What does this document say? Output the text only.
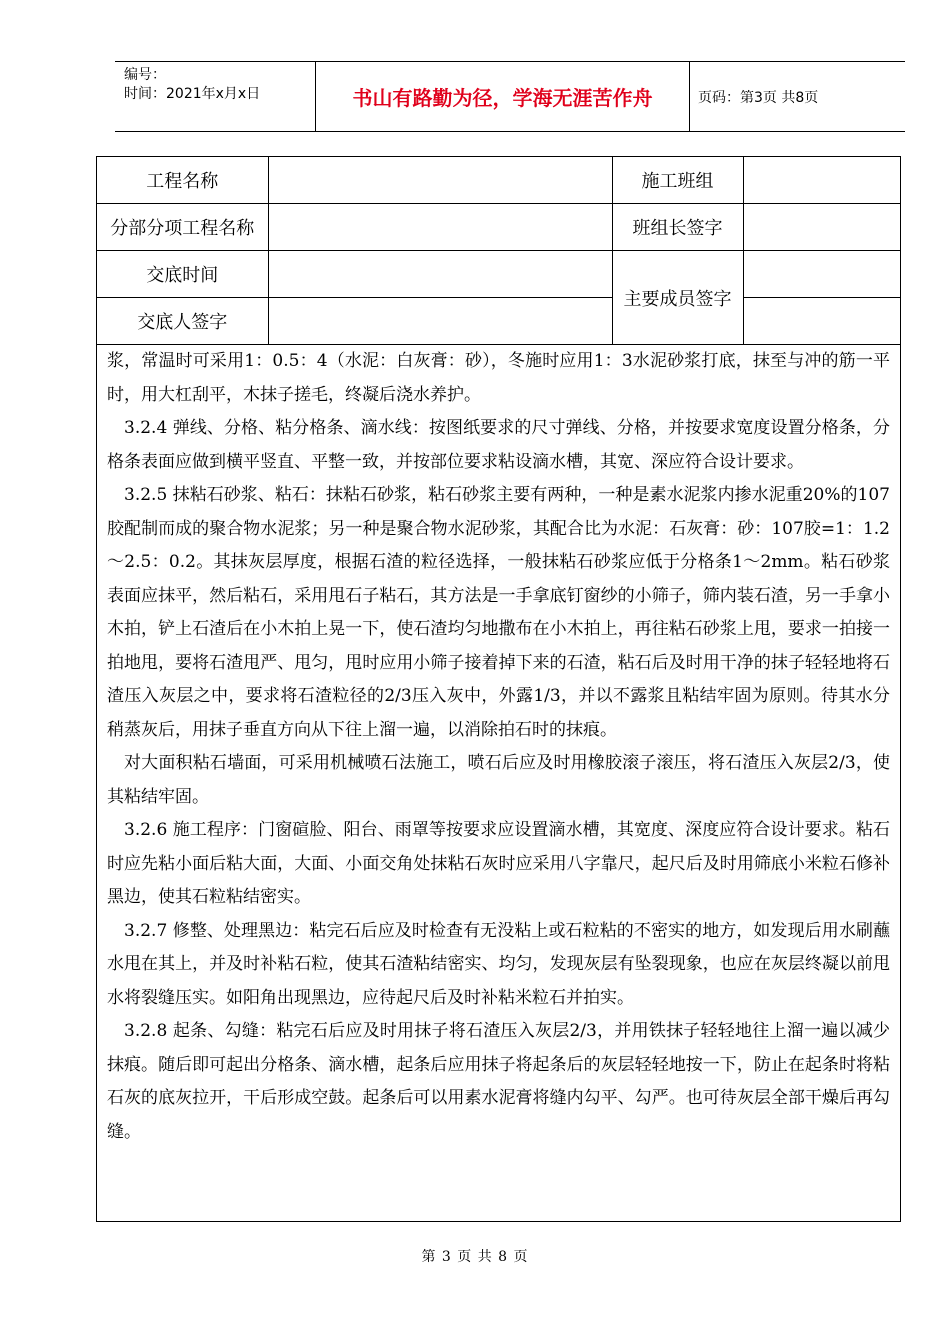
编号：
时间：2021年x月x日	书山有路勤为径，学海无涯苦作舟	页码：第3页 共8页
工程名称		施工班组	
分部分项工程名称		班组长签字	
交底时间		主要成员签字	
交底人签字			

浆，常温时可采用1：0.5：4（水泥：白灰膏：砂），冬施时应用1：3水泥砂浆打底，抹至与冲的筋一平时，用大杠刮平，木抹子搓毛，终凝后浇水养护。

3.2.4 弹线、分格、粘分格条、滴水线：按图纸要求的尺寸弹线、分格，并按要求宽度设置分格条，分格条表面应做到横平竖直、平整一致，并按部位要求粘设滴水槽，其宽、深应符合设计要求。

3.2.5 抹粘石砂浆、粘石：抹粘石砂浆，粘石砂浆主要有两种，一种是素水泥浆内掺水泥重20%的107胶配制而成的聚合物水泥浆；另一种是聚合物水泥砂浆，其配合比为水泥：石灰膏：砂：107胶=1：1.2～2.5：0.2。其抹灰层厚度，根据石渣的粒径选择，一般抹粘石砂浆应低于分格条1～2mm。粘石砂浆表面应抹平，然后粘石，采用甩石子粘石，其方法是一手拿底钉窗纱的小筛子，筛内装石渣，另一手拿小木拍，铲上石渣后在小木拍上晃一下，使石渣均匀地撒布在小木拍上，再往粘石砂浆上甩，要求一拍接一拍地甩，要将石渣甩严、甩匀，甩时应用小筛子接着掉下来的石渣，粘石后及时用干净的抹子轻轻地将石渣压入灰层之中，要求将石渣粒径的2/3压入灰中，外露1/3，并以不露浆且粘结牢固为原则。待其水分稍蒸灰后，用抹子垂直方向从下往上溜一遍，以消除拍石时的抹痕。

对大面积粘石墙面，可采用机械喷石法施工，喷石后应及时用橡胶滚子滚压，将石渣压入灰层2/3，使其粘结牢固。

3.2.6 施工程序：门窗碹脸、阳台、雨罩等按要求应设置滴水槽，其宽度、深度应符合设计要求。粘石时应先粘小面后粘大面，大面、小面交角处抹粘石灰时应采用八字靠尺，起尺后及时用筛底小米粒石修补黑边，使其石粒粘结密实。

3.2.7 修整、处理黑边：粘完石后应及时检查有无没粘上或石粒粘的不密实的地方，如发现后用水刷蘸水甩在其上，并及时补粘石粒，使其石渣粘结密实、均匀，发现灰层有坠裂现象，也应在灰层终凝以前甩水将裂缝压实。如阳角出现黑边，应待起尺后及时补粘米粒石并拍实。

3.2.8 起条、勾缝：粘完石后应及时用抹子将石渣压入灰层2/3，并用铁抹子轻轻地往上溜一遍以减少抹痕。随后即可起出分格条、滴水槽，起条后应用抹子将起条后的灰层轻轻地按一下，防止在起条时将粘石灰的底灰拉开，干后形成空鼓。起条后可以用素水泥膏将缝内勾平、勾严。也可待灰层全部干燥后再勾缝。

第 3 页 共 8 页
